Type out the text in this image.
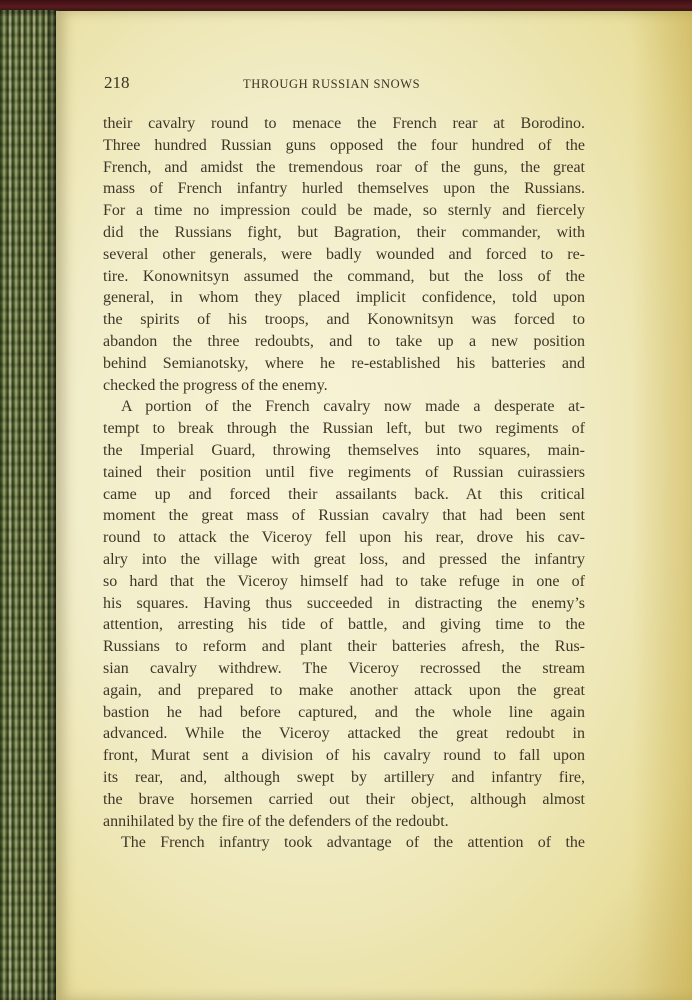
218	THROUGH RUSSIAN SNOWS
their cavalry round to menace the French rear at Borodino.
Three hundred Russian guns opposed the four hundred of the
French, and amidst the tremendous roar of the guns, the great
mass of French infantry hurled themselves upon the Russians.
For a time no impression could be made, so sternly and fiercely
did the Russians fight, but Bagration, their commander, with
several other generals, were badly wounded and forced to re-
tire. Konownitsyn assumed the command, but the loss of the
general, in whom they placed implicit confidence, told upon
the spirits of his troops, and Konownitsyn was forced to
abandon the three redoubts, and to take up a new position
behind Semianotsky, where he re-established his batteries and
checked the progress of the enemy.
A portion of the French cavalry now made a desperate at-
tempt to break through the Russian left, but two regiments of
the Imperial Guard, throwing themselves into squares, main-
tained their position until five regiments of Russian cuirassiers
came up and forced their assailants back. At this critical
moment the great mass of Russian cavalry that had been sent
round to attack the Viceroy fell upon his rear, drove his cav-
alry into the village with great loss, and pressed the infantry
so hard that the Viceroy himself had to take refuge in one of
his squares. Having thus succeeded in distracting the enemy’s
attention, arresting his tide of battle, and giving time to the
Russians to reform and plant their batteries afresh, the Rus-
sian cavalry withdrew. The Viceroy recrossed the stream
again, and prepared to make another attack upon the great
bastion he had before captured, and the whole line again
advanced. While the Viceroy attacked the great redoubt in
front, Murat sent a division of his cavalry round to fall upon
its rear, and, although swept by artillery and infantry fire,
the brave horsemen carried out their object, although almost
annihilated by the fire of the defenders of the redoubt.
The French infantry took advantage of the attention of the
